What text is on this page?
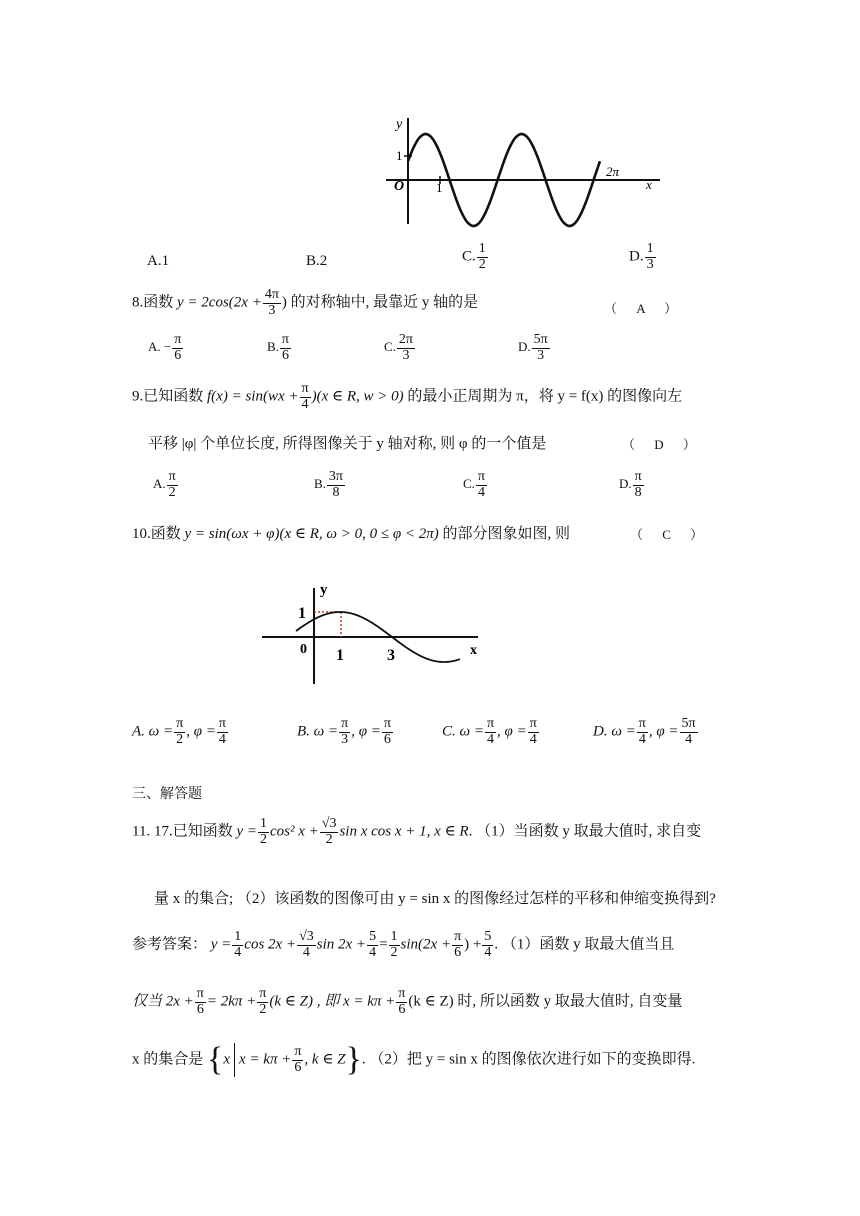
y
1
O 1
2π
x
A.1	B.2	C. $\frac{1}{2}$	D. $\frac{1}{3}$
8.函数 $y = 2\cos(2x + \frac{4\pi}{3}$ ) 的对称轴中, 最靠近 y 轴的是	（ A ）
A. − $\frac{\pi}{6}$	B. $\frac{\pi}{6}$	C. $\frac{2\pi}{3}$	D. $\frac{5\pi}{3}$
9.已知函数 $f(x) = \sin(wx + \frac{\pi}{4} )(x$ ∈ R, w > 0) 的最小正周期为 π，将 y = f(x) 的图像向左
平移 |φ| 个单位长度, 所得图像关于 y 轴对称, 则 φ 的一个值是	（ D ）
A. $\frac{\pi}{2}$	B. $\frac{3\pi}{8}$	C. $\frac{\pi}{4}$	D. $\frac{\pi}{8}$
10.函数 y = sin(ωx + φ)(x ∈ R, ω > 0, 0 ≤ φ < 2π) 的部分图象如图, 则	（ C ）
y
1
0 1	3	x
A. $\omega = \frac{\pi}{2}$ , $\varphi = \frac{\pi}{4}$	B. $\omega = \frac{\pi}{3}$ , $\varphi = \frac{\pi}{6}$	C. $\omega = \frac{\pi}{4}$ , $\varphi = \frac{\pi}{4}$	D. $\omega = \frac{\pi}{4}$ , $\varphi = \frac{5\pi}{4}$
三、解答题
11. 17.已知函数 $y = \frac{1}{2} \cos^2$ $x + \frac{√3}{2}$ sin x cos x + 1, x ∈ R. （1）当函数 y 取最大值时, 求自变
量 x 的集合; （2）该函数的图像可由 y = sin x 的图像经过怎样的平移和伸缩变换得到?
参考答案： $y = \frac{1}{4}$ $\cos 2x + \frac{√3}{4}$ $\sin 2x + \frac{5}{4} = \frac{1}{2} \sin(2x + \frac{\pi}{6}$ ) + $\frac{5}{4}$ . （1）函数 y 取最大值当且
仅当 $2x + \frac{\pi}{6} = 2k\pi + \frac{\pi}{2} (k$ ∈ Z) , 即 $x = k\pi + \frac{\pi}{6} (k$ ∈ Z) 时, 所以函数 y 取最大值时, 自变量
x 的集合是 {x $x = k\pi + \frac{\pi}{6}$ , k ∈ Z}. （2）把 y = sin x 的图像依次进行如下的变换即得.
